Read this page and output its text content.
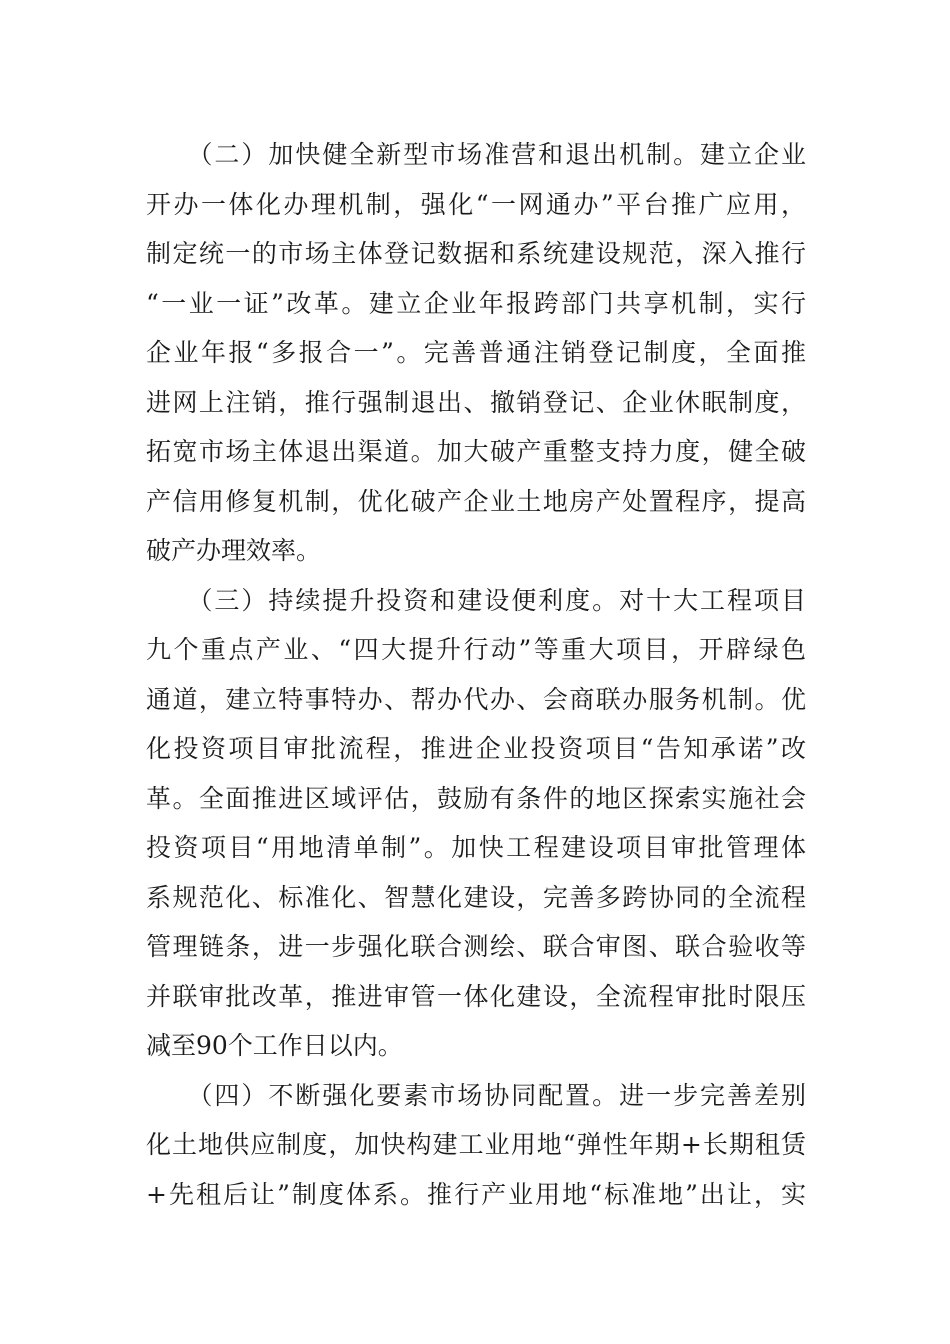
　　（二）加快健全新型市场准营和退出机制。建立企业
开办一体化办理机制，强化“一网通办”平台推广应用，
制定统一的市场主体登记数据和系统建设规范，深入推行
“一业一证”改革。建立企业年报跨部门共享机制，实行
企业年报“多报合一”。完善普通注销登记制度，全面推
进网上注销，推行强制退出、撤销登记、企业休眠制度，
拓宽市场主体退出渠道。加大破产重整支持力度，健全破
产信用修复机制，优化破产企业土地房产处置程序，提高
破产办理效率。
　　（三）持续提升投资和建设便利度。对十大工程项目
九个重点产业、“四大提升行动”等重大项目，开辟绿色
通道，建立特事特办、帮办代办、会商联办服务机制。优
化投资项目审批流程，推进企业投资项目“告知承诺”改
革。全面推进区域评估，鼓励有条件的地区探索实施社会
投资项目“用地清单制”。加快工程建设项目审批管理体
系规范化、标准化、智慧化建设，完善多跨协同的全流程
管理链条，进一步强化联合测绘、联合审图、联合验收等
并联审批改革，推进审管一体化建设，全流程审批时限压
减至90个工作日以内。
　　（四）不断强化要素市场协同配置。进一步完善差别
化土地供应制度，加快构建工业用地“弹性年期+长期租赁
+先租后让”制度体系。推行产业用地“标准地”出让，实
